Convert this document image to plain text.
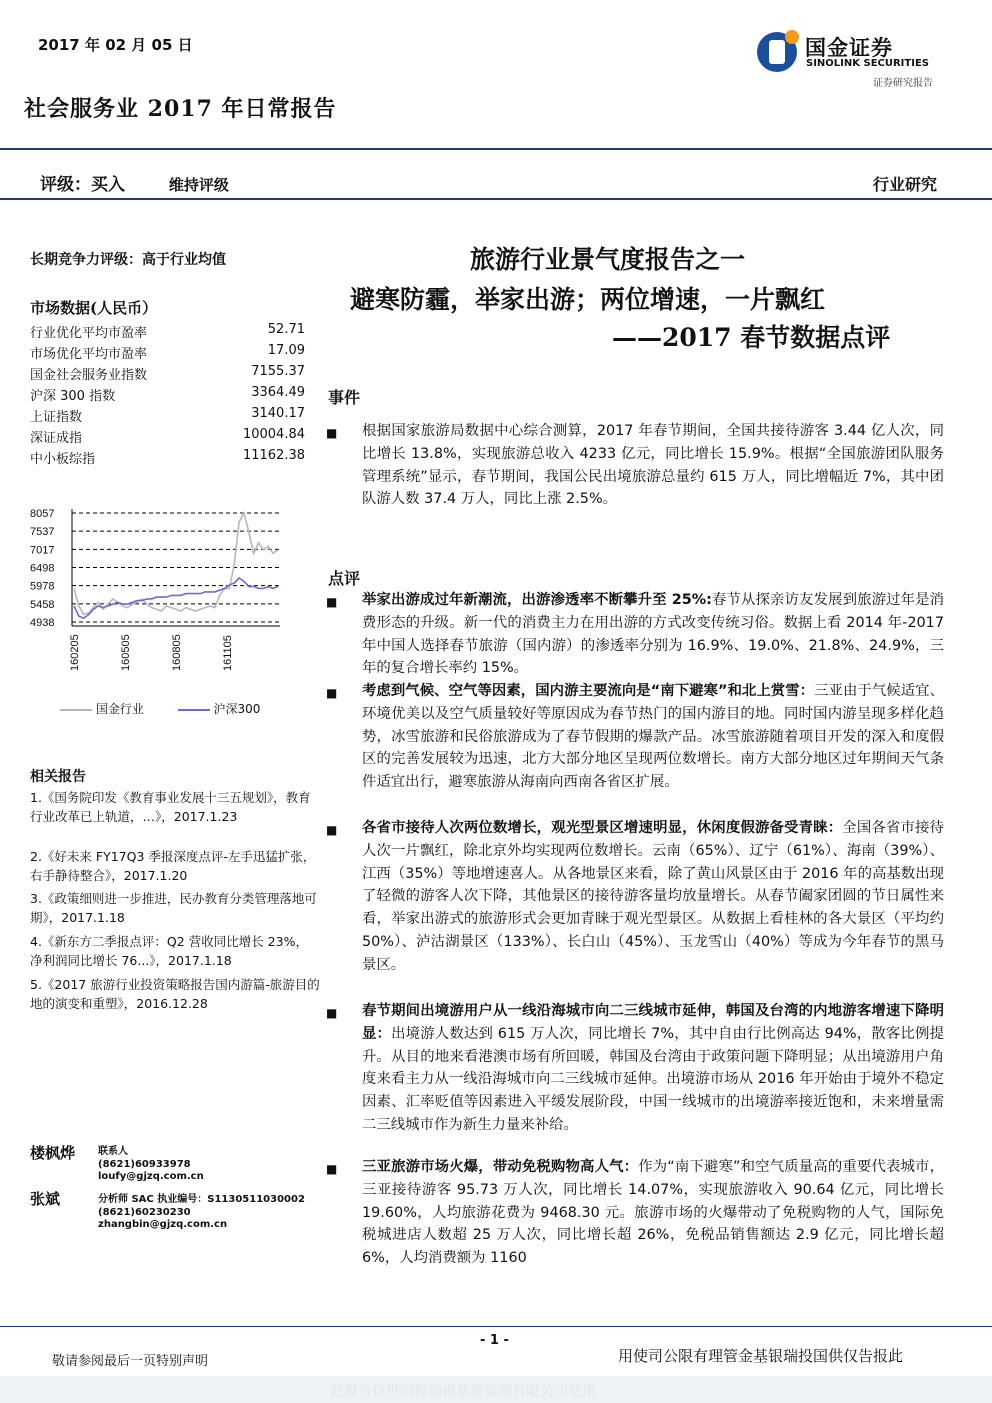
2017 年 02 月 05 日	国金证券
SINOLINK SECURITIES
证券研究报告
社会服务业 2017 年日常报告
评级：买入	维持评级	行业研究
长期竞争力评级：高于行业均值
市场数据(人民币）
行业优化平均市盈率	52.71
市场优化平均市盈率	17.09
国金社会服务业指数	7155.37
沪深 300 指数	3364.49
上证指数	3140.17
深证成指	10004.84
中小板综指	11162.38
8057
7537
7017
6498
5978
5458
4938
160205	160505	160805	161105
国金行业	沪深300
相关报告
1.《国务院印发《教育事业发展十三五规划》，教育行业改革已上轨道，…》，2017.1.23
2.《好未来 FY17Q3 季报深度点评-左手迅猛扩张，右手静待整合》，2017.1.20
3.《政策细则进一步推进，民办教育分类管理落地可期》，2017.1.18
4.《新东方二季报点评：Q2 营收同比增长 23%，净利润同比增长 76...》，2017.1.18
5.《2017 旅游行业投资策略报告国内游篇-旅游目的地的演变和重塑》，2016.12.28
楼枫烨 联系人
(8621)60933978
loufy@gjzq.com.cn
张斌	分析师 SAC 执业编号：S1130511030002
(8621)60230230
zhangbin@gjzq.com.cn
旅游行业景气度报告之一
避寒防霾，举家出游；两位增速，一片飘红
——2017 春节数据点评
事件
■ 根据国家旅游局数据中心综合测算，2017 年春节期间，全国共接待游客 3.44 亿人次，同比增长 13.8%，实现旅游总收入 4233 亿元，同比增长 15.9%。根据“全国旅游团队服务管理系统”显示，春节期间，我国公民出境旅游总量约 615 万人，同比增幅近 7%，其中团队游人数 37.4 万人，同比上涨 2.5%。
点评
■ 举家出游成过年新潮流，出游渗透率不断攀升至 25%:春节从探亲访友发展到旅游过年是消费形态的升级。新一代的消费主力在用出游的方式改变传统习俗。数据上看 2014 年-2017 年中国人选择春节旅游（国内游）的渗透率分别为 16.9%、19.0%、21.8%、24.9%，三年的复合增长率约 15%。
■ 考虑到气候、空气等因素，国内游主要流向是“南下避寒”和北上赏雪：三亚由于气候适宜、环境优美以及空气质量较好等原因成为春节热门的国内游目的地。同时国内游呈现多样化趋势，冰雪旅游和民俗旅游成为了春节假期的爆款产品。冰雪旅游随着项目开发的深入和度假区的完善发展较为迅速，北方大部分地区呈现两位数增长。南方大部分地区过年期间天气条件适宜出行，避寒旅游从海南向西南各省区扩展。
■ 各省市接待人次两位数增长，观光型景区增速明显，休闲度假游备受青睐：全国各省市接待人次一片飘红，除北京外均实现两位数增长。云南（65%）、辽宁（61%）、海南（39%）、江西（35%）等地增速喜人。从各地景区来看，除了黄山风景区由于 2016 年的高基数出现了轻微的游客人次下降，其他景区的接待游客量均放量增长。从春节阖家团圆的节日属性来看，举家出游式的旅游形式会更加青睐于观光型景区。从数据上看桂林的各大景区（平均约 50%）、泸沽湖景区（133%）、长白山（45%）、玉龙雪山（40%）等成为今年春节的黑马景区。
■ 春节期间出境游用户从一线沿海城市向二三线城市延伸，韩国及台湾的内地游客增速下降明显：出境游人数达到 615 万人次，同比增长 7%，其中自由行比例高达 94%，散客比例提升。从目的地来看港澳市场有所回暖，韩国及台湾由于政策问题下降明显；从出境游用户角度来看主力从一线沿海城市向二三线城市延伸。出境游市场从 2016 年开始由于境外不稳定因素、汇率贬值等因素进入平缓发展阶段，中国一线城市的出境游率接近饱和，未来增量需二三线城市作为新生力量来补给。
■ 三亚旅游市场火爆，带动免税购物高人气：作为“南下避寒”和空气质量高的重要代表城市，三亚接待游客 95.73 万人次，同比增长 14.07%，实现旅游收入 90.64 亿元，同比增长 19.60%，人均旅游花费为 9468.30 元。旅游市场的火爆带动了免税购物的人气，国际免税城进店人数超 25 万人次，同比增长超 26%，免税品销售额达 2.9 亿元，同比增长超 6%，人均消费额为 1160
- 1 -
敬请参阅最后一页特别声明	用使司公限有理管金基银瑞投国供仅告报此
此报告仅供国投瑞银基金管理有限公司使用
